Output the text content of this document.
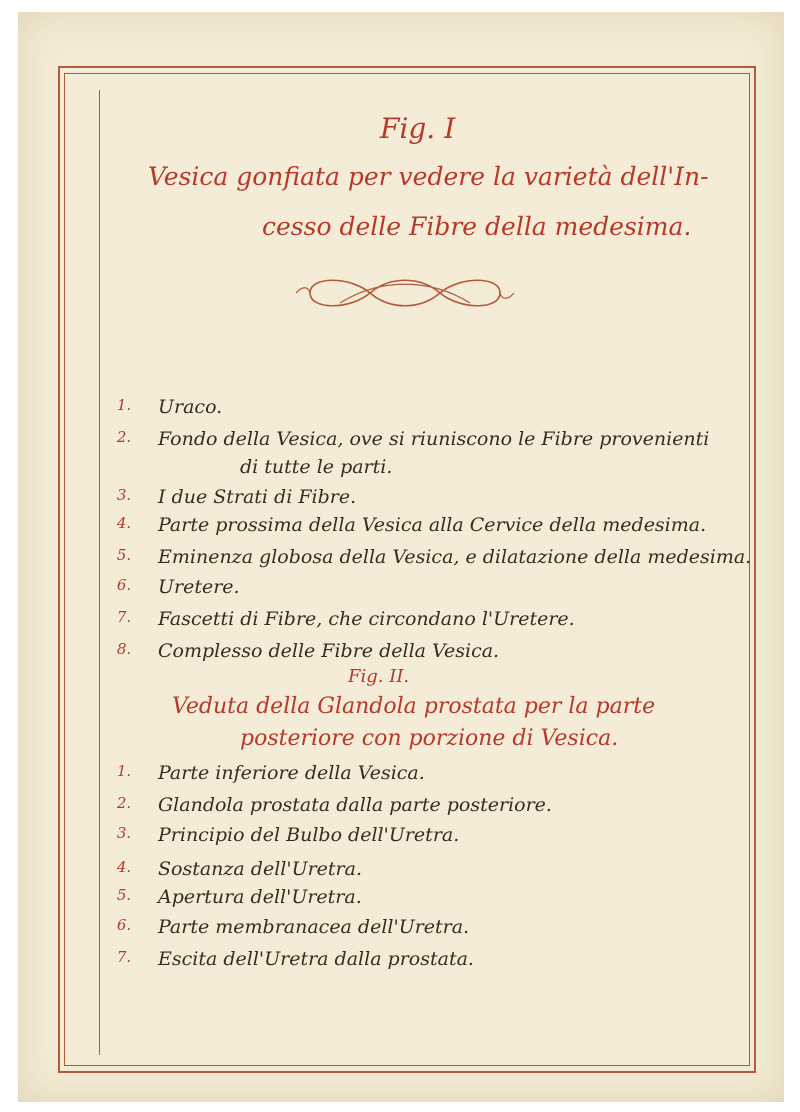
Fig. I
Vesica gonfiata per vedere la varietà dell'In-
cesso delle Fibre della medesima.
1. Uraco.
2. Fondo della Vesica, ove si riuniscono le Fibre provenienti
di tutte le parti.
3. I due Strati di Fibre.
4. Parte prossima della Vesica alla Cervice della medesima.
5. Eminenza globosa della Vesica, e dilatazione della medesima.
6. Uretere.
7. Fascetti di Fibre, che circondano l'Uretere.
8. Complesso delle Fibre della Vesica.
Fig. II.
Veduta della Glandola prostata per la parte
posteriore con porzione di Vesica.
1. Parte inferiore della Vesica.
2. Glandola prostata dalla parte posteriore.
3. Principio del Bulbo dell'Uretra.
4. Sostanza dell'Uretra.
5. Apertura dell'Uretra.
6. Parte membranacea dell'Uretra.
7. Escita dell'Uretra dalla prostata.
